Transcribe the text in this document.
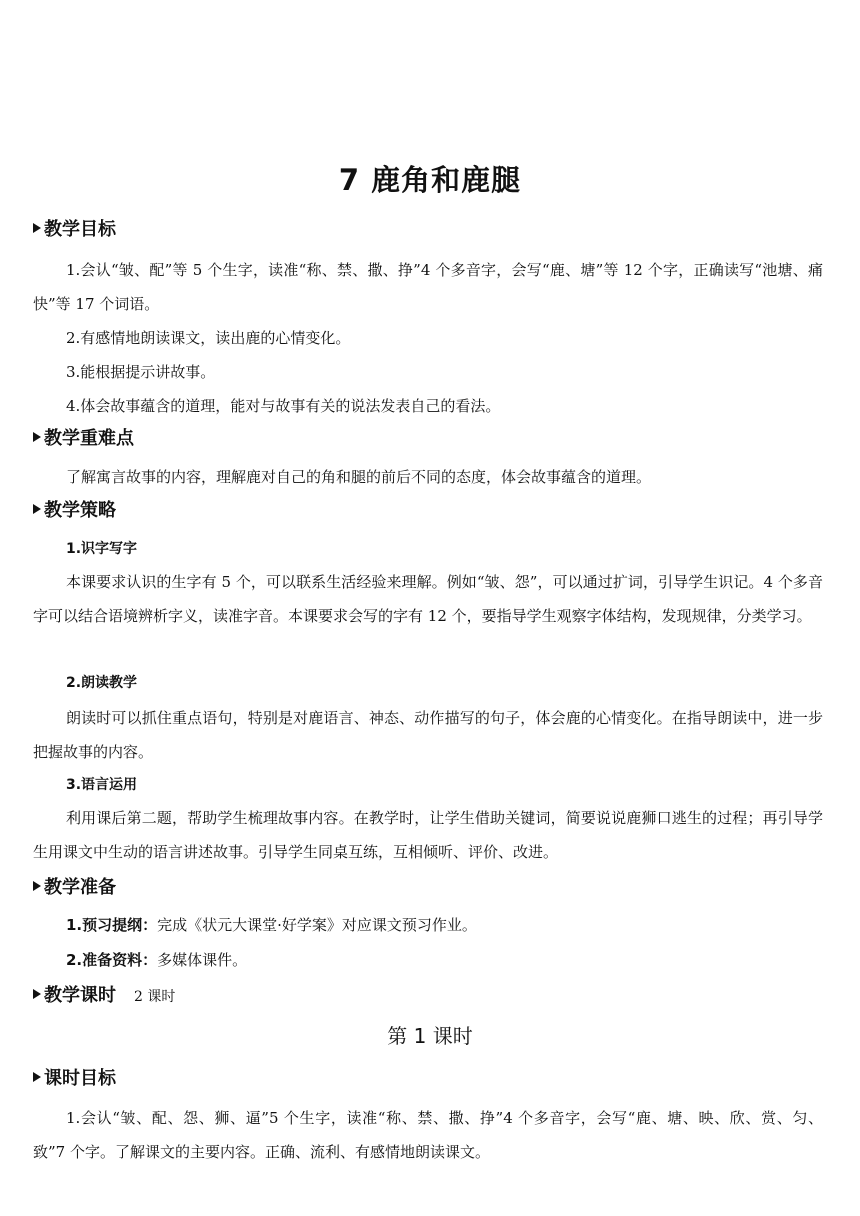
7 鹿角和鹿腿
教学目标
1.会认“皱、配”等 5 个生字，读准“称、禁、撒、挣”4 个多音字，会写“鹿、塘”等 12 个字，正确读写“池塘、痛快”等 17 个词语。
2.有感情地朗读课文，读出鹿的心情变化。
3.能根据提示讲故事。
4.体会故事蕴含的道理，能对与故事有关的说法发表自己的看法。
教学重难点
了解寓言故事的内容，理解鹿对自己的角和腿的前后不同的态度，体会故事蕴含的道理。
教学策略
1.识字写字
本课要求认识的生字有 5 个，可以联系生活经验来理解。例如“皱、怨”，可以通过扩词，引导学生识记。4 个多音字可以结合语境辨析字义，读准字音。本课要求会写的字有 12 个，要指导学生观察字体结构，发现规律，分类学习。
2.朗读教学
朗读时可以抓住重点语句，特别是对鹿语言、神态、动作描写的句子，体会鹿的心情变化。在指导朗读中，进一步把握故事的内容。
3.语言运用
利用课后第二题，帮助学生梳理故事内容。在教学时，让学生借助关键词，简要说说鹿狮口逃生的过程；再引导学生用课文中生动的语言讲述故事。引导学生同桌互练，互相倾听、评价、改进。
教学准备
1.预习提纲：完成《状元大课堂·好学案》对应课文预习作业。
2.准备资料：多媒体课件。
教学课时 2 课时
第 1 课时
课时目标
1.会认“皱、配、怨、狮、逼”5 个生字，读准“称、禁、撒、挣”4 个多音字，会写“鹿、塘、映、欣、赏、匀、致”7 个字。了解课文的主要内容。正确、流利、有感情地朗读课文。
